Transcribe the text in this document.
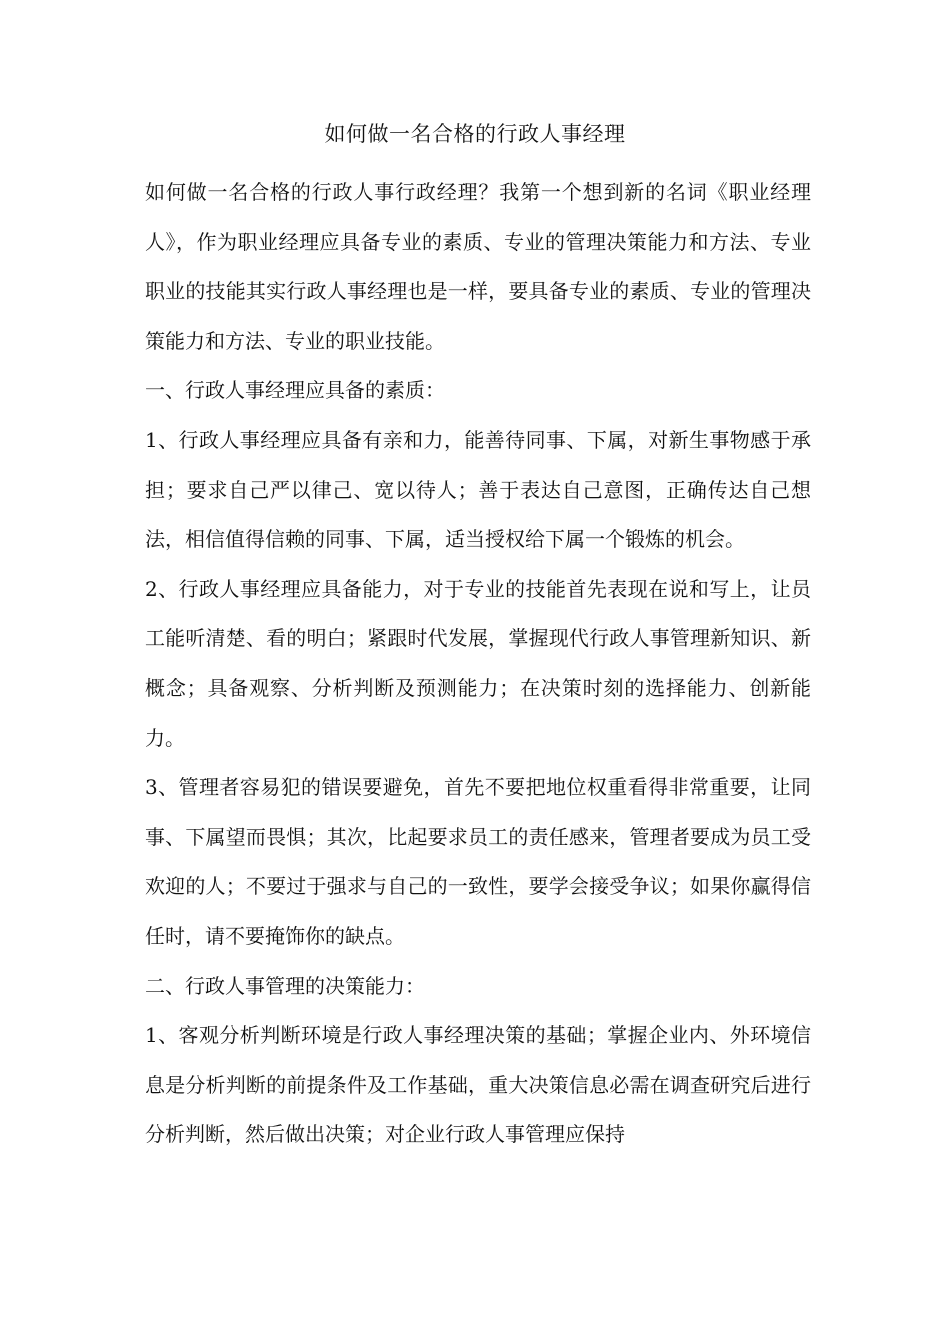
如何做一名合格的行政人事经理

如何做一名合格的行政人事行政经理？我第一个想到新的名词《职业经理人》，作为职业经理应具备专业的素质、专业的管理决策能力和方法、专业职业的技能其实行政人事经理也是一样，要具备专业的素质、专业的管理决策能力和方法、专业的职业技能。

一、行政人事经理应具备的素质：

1、行政人事经理应具备有亲和力，能善待同事、下属，对新生事物感于承担；要求自己严以律己、宽以待人；善于表达自己意图，正确传达自己想法，相信值得信赖的同事、下属，适当授权给下属一个锻炼的机会。

2、行政人事经理应具备能力，对于专业的技能首先表现在说和写上，让员工能听清楚、看的明白；紧跟时代发展，掌握现代行政人事管理新知识、新概念；具备观察、分析判断及预测能力；在决策时刻的选择能力、创新能力。

3、管理者容易犯的错误要避免，首先不要把地位权重看得非常重要，让同事、下属望而畏惧；其次，比起要求员工的责任感来，管理者要成为员工受欢迎的人；不要过于强求与自己的一致性，要学会接受争议；如果你赢得信任时，请不要掩饰你的缺点。

二、行政人事管理的决策能力：

1、客观分析判断环境是行政人事经理决策的基础；掌握企业内、外环境信息是分析判断的前提条件及工作基础，重大决策信息必需在调查研究后进行分析判断，然后做出决策；对企业行政人事管理应保持
